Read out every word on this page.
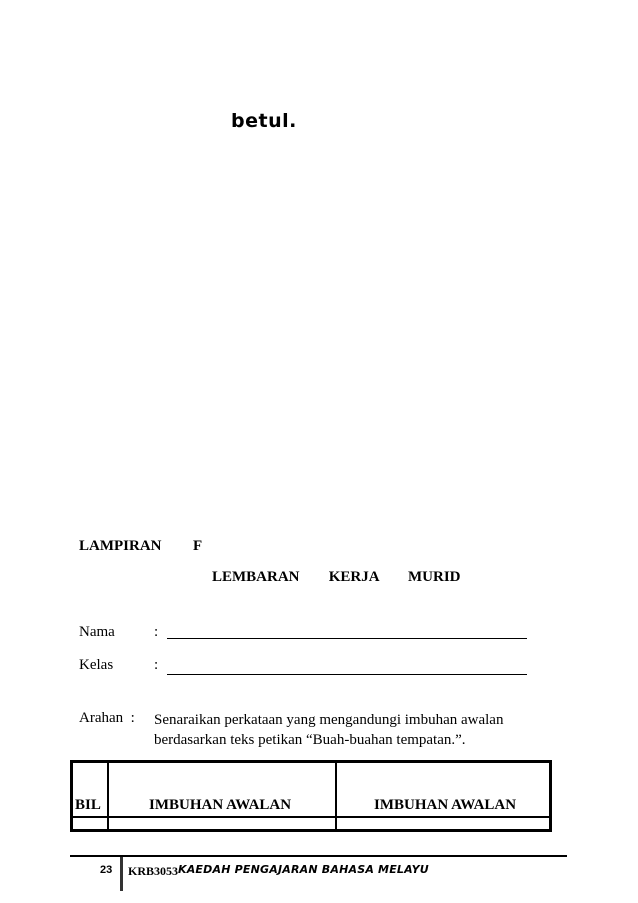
betul.
LAMPIRAN F
LEMBARAN   KERJA   MURID
Nama	:
Kelas	:
Arahan  : Senaraikan perkataan yang mengandungi imbuhan awalan
berdasarkan teks petikan “Buah-buahan tempatan.”.
BIL	IMBUHAN AWALAN	IMBUHAN AWALAN
23 KRB3053 KAEDAH PENGAJARAN BAHASA MELAYU
